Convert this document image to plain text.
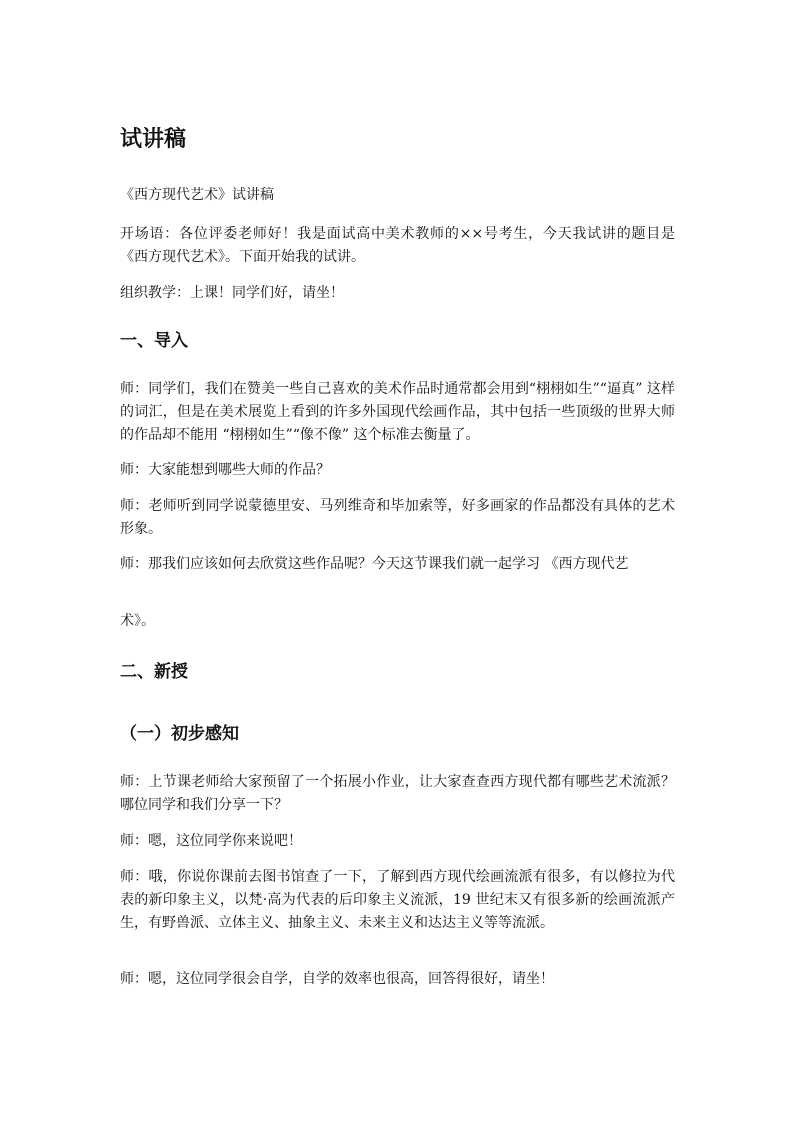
试讲稿

《西方现代艺术》试讲稿

开场语：各位评委老师好！我是面试高中美术教师的××号考生，今天我试讲的题目是《西方现代艺术》。下面开始我的试讲。

组织教学：上课！同学们好，请坐！

一、导入

师：同学们，我们在赞美一些自己喜欢的美术作品时通常都会用到“栩栩如生”“逼真” 这样的词汇，但是在美术展览上看到的许多外国现代绘画作品，其中包括一些顶级的世界大师的作品却不能用 “栩栩如生”“像不像” 这个标准去衡量了。

师：大家能想到哪些大师的作品？

师：老师听到同学说蒙德里安、马列维奇和毕加索等，好多画家的作品都没有具体的艺术形象。

师：那我们应该如何去欣赏这些作品呢？今天这节课我们就一起学习 《西方现代艺

术》。

二、新授
（一）初步感知

师：上节课老师给大家预留了一个拓展小作业，让大家查查西方现代都有哪些艺术流派？哪位同学和我们分享一下？

师：嗯，这位同学你来说吧！

师：哦，你说你课前去图书馆查了一下，了解到西方现代绘画流派有很多，有以修拉为代表的新印象主义，以梵·高为代表的后印象主义流派，19 世纪末又有很多新的绘画流派产生，有野兽派、立体主义、抽象主义、未来主义和达达主义等等流派。

师：嗯，这位同学很会自学，自学的效率也很高，回答得很好，请坐！
